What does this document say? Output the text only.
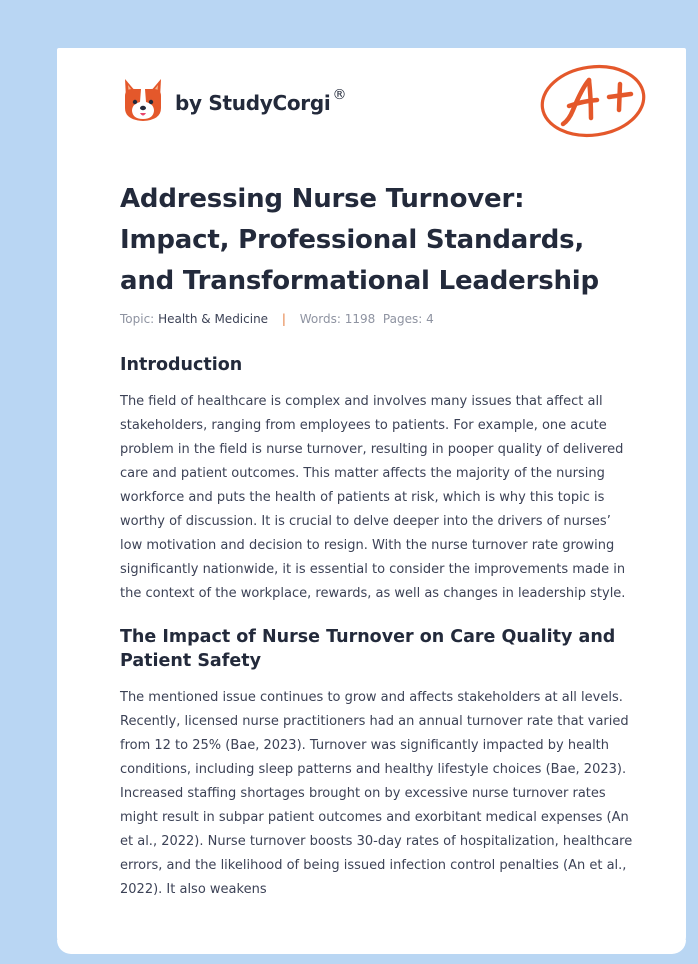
by StudyCorgi ®
Addressing Nurse Turnover: Impact, Professional Standards, and Transformational Leadership
Topic: Health & Medicine | Words: 1198 Pages: 4
Introduction

The field of healthcare is complex and involves many issues that affect all stakeholders, ranging from employees to patients. For example, one acute problem in the field is nurse turnover, resulting in pooper quality of delivered care and patient outcomes. This matter affects the majority of the nursing workforce and puts the health of patients at risk, which is why this topic is worthy of discussion. It is crucial to delve deeper into the drivers of nurses’ low motivation and decision to resign. With the nurse turnover rate growing significantly nationwide, it is essential to consider the improvements made in the context of the workplace, rewards, as well as changes in leadership style.

The Impact of Nurse Turnover on Care Quality and Patient Safety

The mentioned issue continues to grow and affects stakeholders at all levels. Recently, licensed nurse practitioners had an annual turnover rate that varied from 12 to 25% (Bae, 2023). Turnover was significantly impacted by health conditions, including sleep patterns and healthy lifestyle choices (Bae, 2023). Increased staffing shortages brought on by excessive nurse turnover rates might result in subpar patient outcomes and exorbitant medical expenses (An et al., 2022). Nurse turnover boosts 30-day rates of hospitalization, healthcare errors, and the likelihood of being issued infection control penalties (An et al., 2022). It also weakens
